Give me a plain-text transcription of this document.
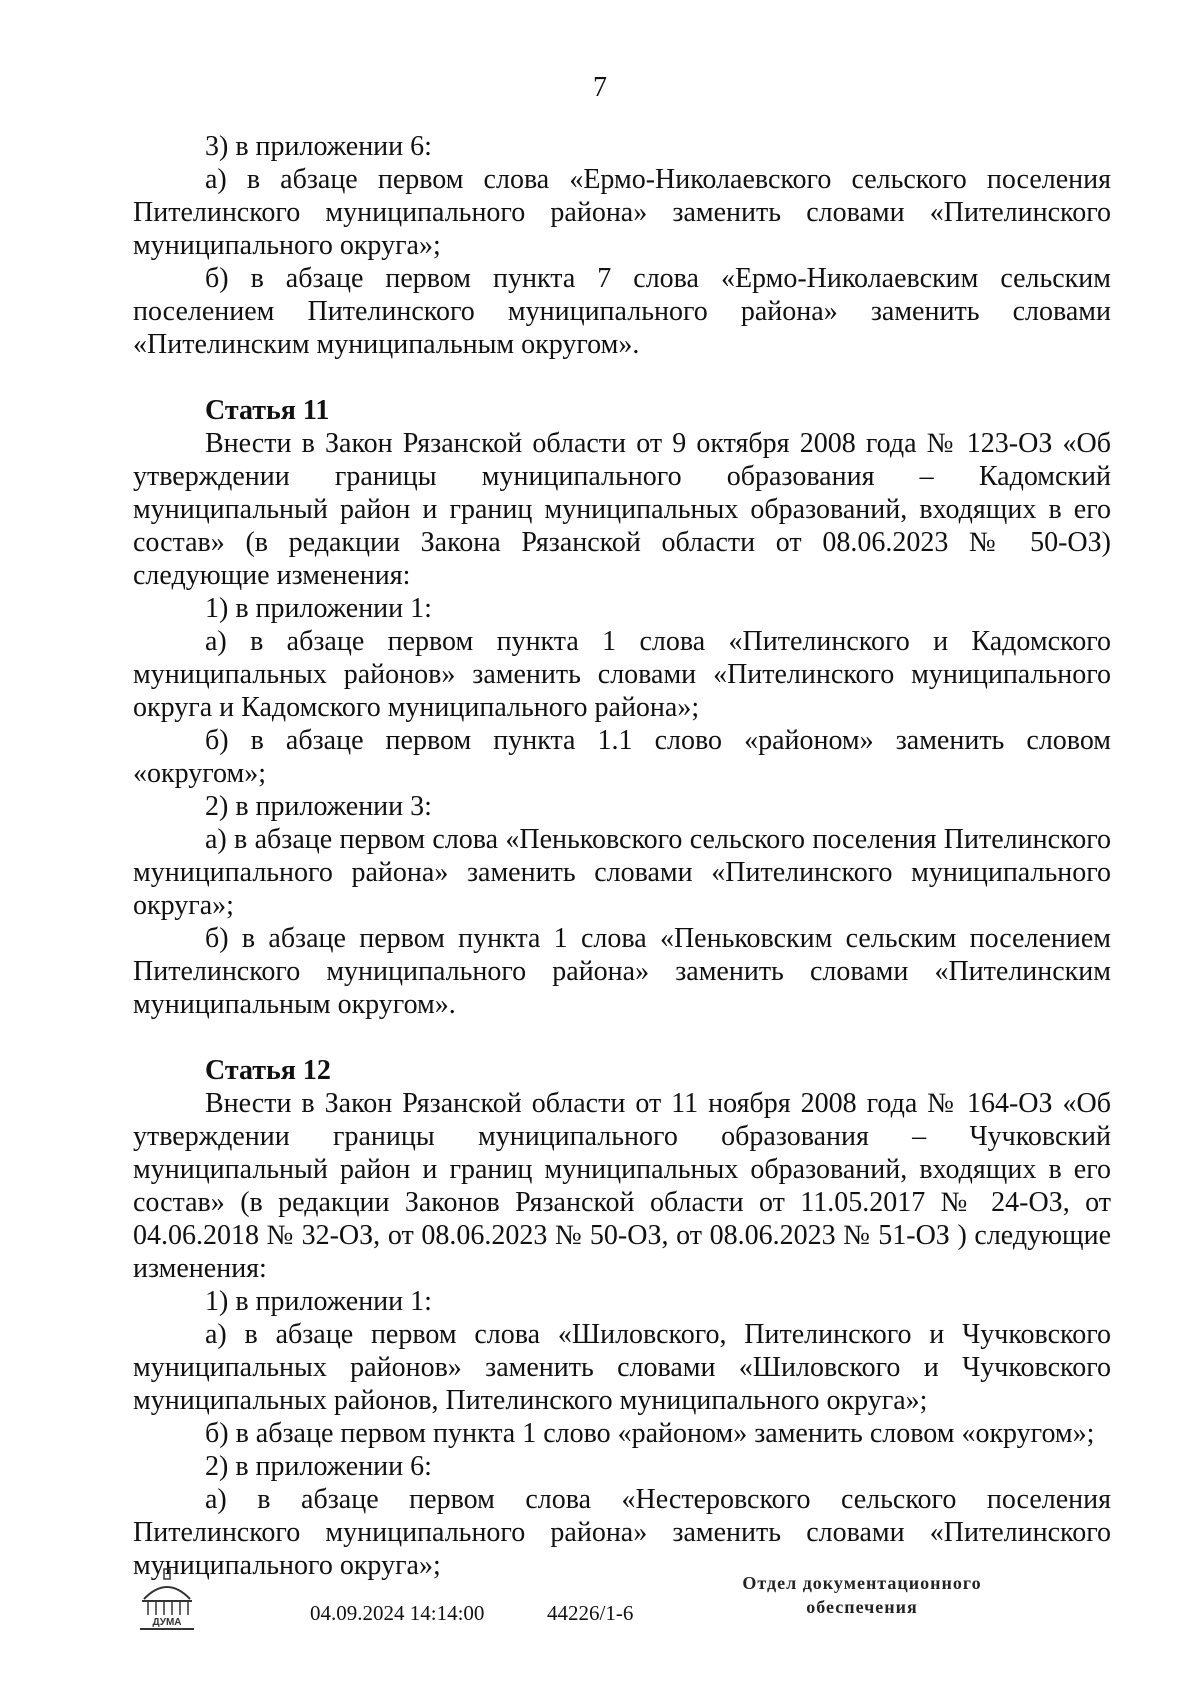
7

3) в приложении 6:

а) в абзаце первом слова «Ермо-Николаевского сельского поселения Пителинского муниципального района» заменить словами «Пителинского муниципального округа»;

б) в абзаце первом пункта 7 слова «Ермо-Николаевским сельским поселением Пителинского муниципального района» заменить словами «Пителинским муниципальным округом».

Статья 11

Внести в Закон Рязанской области от 9 октября 2008 года № 123-ОЗ «Об утверждении границы муниципального образования – Кадомский муниципальный район и границ муниципальных образований, входящих в его состав» (в редакции Закона Рязанской области от 08.06.2023 № 50-ОЗ) следующие изменения:

1) в приложении 1:

а) в абзаце первом пункта 1 слова «Пителинского и Кадомского муниципальных районов» заменить словами «Пителинского муниципального округа и Кадомского муниципального района»;

б) в абзаце первом пункта 1.1 слово «районом» заменить словом «округом»;

2) в приложении 3:

а) в абзаце первом слова «Пеньковского сельского поселения Пителинского муниципального района» заменить словами «Пителинского муниципального округа»;

б) в абзаце первом пункта 1 слова «Пеньковским сельским поселением Пителинского муниципального района» заменить словами «Пителинским муниципальным округом».

Статья 12

Внести в Закон Рязанской области от 11 ноября 2008 года № 164-ОЗ «Об утверждении границы муниципального образования – Чучковский муниципальный район и границ муниципальных образований, входящих в его состав» (в редакции Законов Рязанской области от 11.05.2017 № 24-ОЗ, от 04.06.2018 № 32-ОЗ, от 08.06.2023 № 50-ОЗ, от 08.06.2023 № 51-ОЗ ) следующие изменения:

1) в приложении 1:

а) в абзаце первом слова «Шиловского, Пителинского и Чучковского муниципальных районов» заменить словами «Шиловского и Чучковского муниципальных районов, Пителинского муниципального округа»;

б) в абзаце первом пункта 1 слово «районом» заменить словом «округом»;

2) в приложении 6:

а) в абзаце первом слова «Нестеровского сельского поселения Пителинского муниципального района» заменить словами «Пителинского муниципального округа»;

ДУМА	04.09.2024 14:14:00	44226/1-6
Отдел документационного
обеспечения
